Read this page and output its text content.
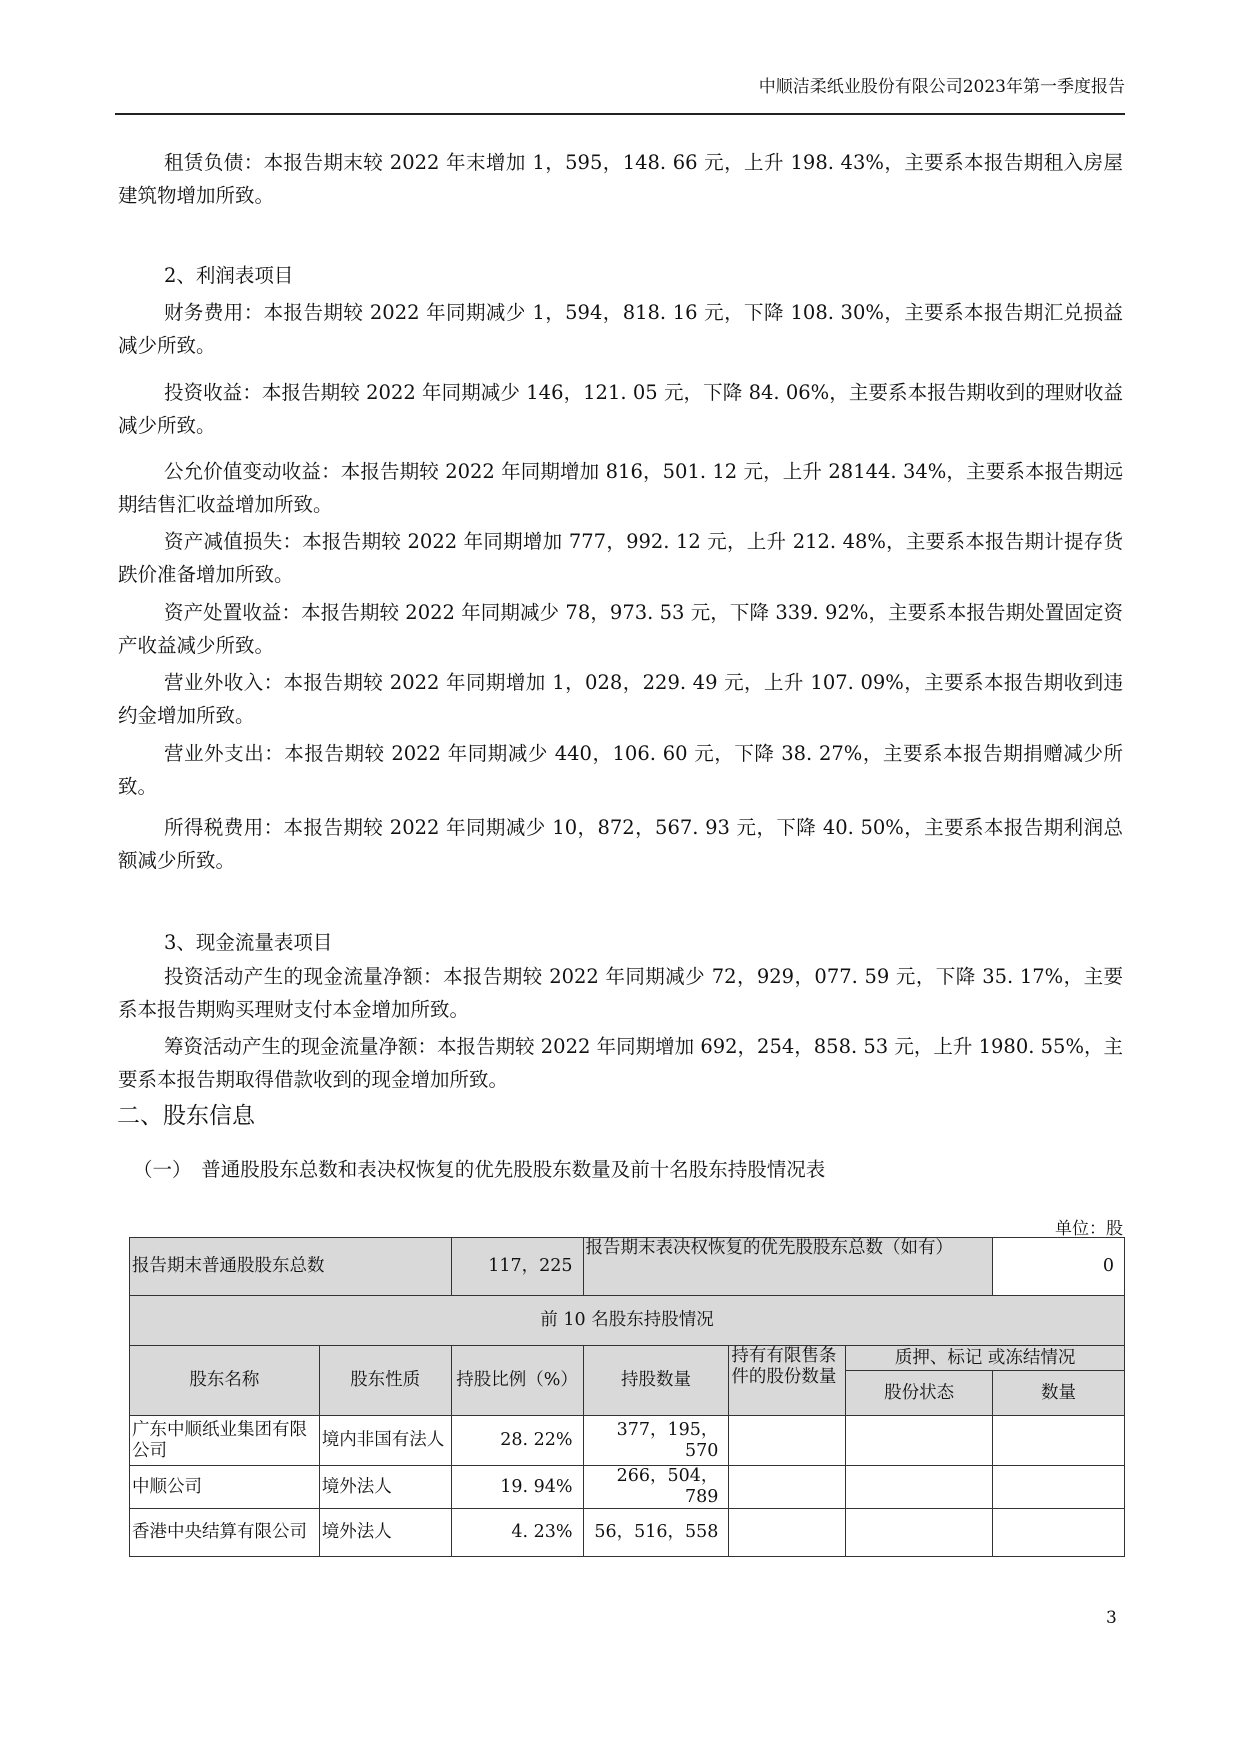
中顺洁柔纸业股份有限公司2023年第一季度报告
租赁负债：本报告期末较 2022 年末增加 1，595，148. 66 元，上升 198. 43%，主要系本报告期租入房屋建筑物增加所致。
2、利润表项目
财务费用：本报告期较 2022 年同期减少 1，594，818. 16 元，下降 108. 30%，主要系本报告期汇兑损益减少所致。
投资收益：本报告期较 2022 年同期减少 146，121. 05 元，下降 84. 06%，主要系本报告期收到的理财收益减少所致。
公允价值变动收益：本报告期较 2022 年同期增加 816，501. 12 元，上升 28144. 34%，主要系本报告期远期结售汇收益增加所致。
资产减值损失：本报告期较 2022 年同期增加 777，992. 12 元，上升 212. 48%，主要系本报告期计提存货跌价准备增加所致。
资产处置收益：本报告期较 2022 年同期减少 78，973. 53 元，下降 339. 92%，主要系本报告期处置固定资产收益减少所致。
营业外收入：本报告期较 2022 年同期增加 1，028，229. 49 元，上升 107. 09%，主要系本报告期收到违约金增加所致。
营业外支出：本报告期较 2022 年同期减少 440，106. 60 元，下降 38. 27%，主要系本报告期捐赠减少所致。
所得税费用：本报告期较 2022 年同期减少 10，872，567. 93 元，下降 40. 50%，主要系本报告期利润总额减少所致。
3、现金流量表项目
投资活动产生的现金流量净额：本报告期较 2022 年同期减少 72，929，077. 59 元，下降 35. 17%，主要系本报告期购买理财支付本金增加所致。
筹资活动产生的现金流量净额：本报告期较 2022 年同期增加 692，254，858. 53 元，上升 1980. 55%，主要系本报告期取得借款收到的现金增加所致。
二、股东信息
（一）　普通股股东总数和表决权恢复的优先股股东数量及前十名股东持股情况表
单位：股
报告期末普通股股东总数		117，225	报告期末表决权恢复的优先股股东总数（如有）			0
前 10 名股东持股情况						
股东名称	股东性质	持股比例（%）	持股数量	持有有限售条件的股份数量	质押、标记 或冻结情况	
					股份状态	数量
广东中顺纸业集团有限公司	境内非国有法人	28. 22%	377，195，570			
中顺公司	境外法人	19. 94%	266，504，789			
香港中央结算有限公司	境外法人	4. 23%	56，516，558			
3
